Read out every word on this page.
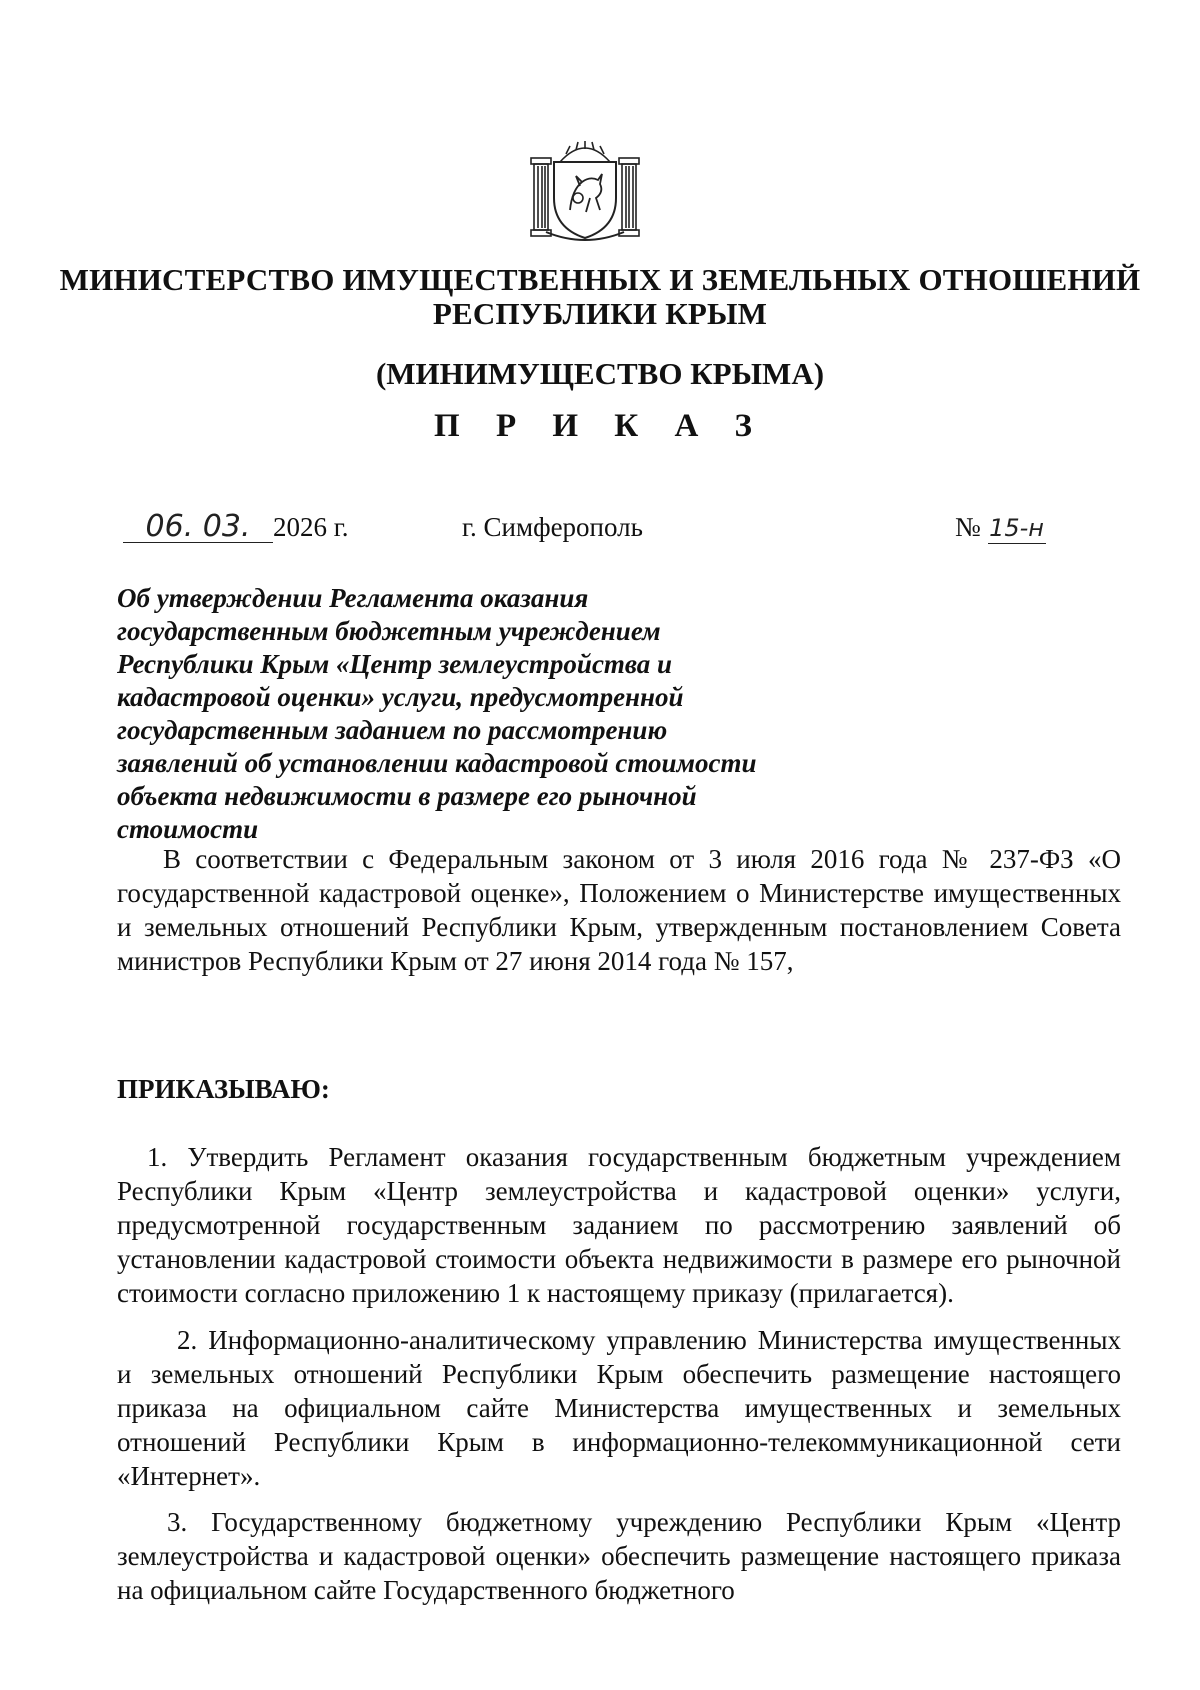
МИНИСТЕРСТВО ИМУЩЕСТВЕННЫХ И ЗЕМЕЛЬНЫХ ОТНОШЕНИЙ
РЕСПУБЛИКИ КРЫМ
(МИНИМУЩЕСТВО КРЫМА)
П Р И К А З
06. 03. 2026 г.	г. Симферополь	№ 15-н
Об утверждении Регламента оказания государственным бюджетным учреждением Республики Крым «Центр землеустройства и кадастровой оценки» услуги, предусмотренной государственным заданием по рассмотрению заявлений об установлении кадастровой стоимости объекта недвижимости в размере его рыночной стоимости
В соответствии с Федеральным законом от 3 июля 2016 года № 237-ФЗ «О государственной кадастровой оценке», Положением о Министерстве имущественных и земельных отношений Республики Крым, утвержденным постановлением Совета министров Республики Крым от 27 июня 2014 года № 157,
ПРИКАЗЫВАЮ:
1. Утвердить Регламент оказания государственным бюджетным учреждением Республики Крым «Центр землеустройства и кадастровой оценки» услуги, предусмотренной государственным заданием по рассмотрению заявлений об установлении кадастровой стоимости объекта недвижимости в размере его рыночной стоимости согласно приложению 1 к настоящему приказу (прилагается).
2. Информационно-аналитическому управлению Министерства имущественных и земельных отношений Республики Крым обеспечить размещение настоящего приказа на официальном сайте Министерства имущественных и земельных отношений Республики Крым в информационно-телекоммуникационной сети «Интернет».
3. Государственному бюджетному учреждению Республики Крым «Центр землеустройства и кадастровой оценки» обеспечить размещение настоящего приказа на официальном сайте Государственного бюджетного
